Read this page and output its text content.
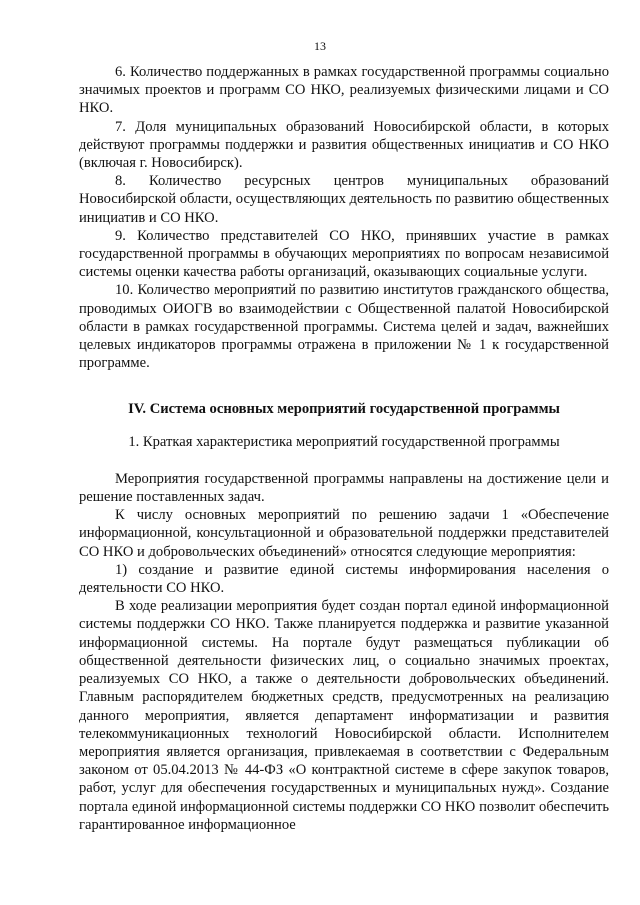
13

6. Количество поддержанных в рамках государственной программы социально значимых проектов и программ СО НКО, реализуемых физическими лицами и СО НКО.

7. Доля муниципальных образований Новосибирской области, в которых действуют программы поддержки и развития общественных инициатив и СО НКО (включая г. Новосибирск).

8. Количество ресурсных центров муниципальных образований Новосибирской области, осуществляющих деятельность по развитию общественных инициатив и СО НКО.

9. Количество представителей СО НКО, принявших участие в рамках государственной программы в обучающих мероприятиях по вопросам независимой системы оценки качества работы организаций, оказывающих социальные услуги.

10. Количество мероприятий по развитию институтов гражданского общества, проводимых ОИОГВ во взаимодействии с Общественной палатой Новосибирской области в рамках государственной программы. Система целей и задач, важнейших целевых индикаторов программы отражена в приложении № 1 к государственной программе.

IV. Система основных мероприятий государственной программы

1. Краткая характеристика мероприятий государственной программы

Мероприятия государственной программы направлены на достижение цели и решение поставленных задач.

К числу основных мероприятий по решению задачи 1 «Обеспечение информационной, консультационной и образовательной поддержки представителей СО НКО и добровольческих объединений» относятся следующие мероприятия:

1) создание и развитие единой системы информирования населения о деятельности СО НКО.

В ходе реализации мероприятия будет создан портал единой информационной системы поддержки СО НКО. Также планируется поддержка и развитие указанной информационной системы. На портале будут размещаться публикации об общественной деятельности физических лиц, о социально значимых проектах, реализуемых СО НКО, а также о деятельности добровольческих объединений. Главным распорядителем бюджетных средств, предусмотренных на реализацию данного мероприятия, является департамент информатизации и развития телекоммуникационных технологий Новосибирской области. Исполнителем мероприятия является организация, привлекаемая в соответствии с Федеральным законом от 05.04.2013 № 44-ФЗ «О контрактной системе в сфере закупок товаров, работ, услуг для обеспечения государственных и муниципальных нужд». Создание портала единой информационной системы поддержки СО НКО позволит обеспечить гарантированное информационное
